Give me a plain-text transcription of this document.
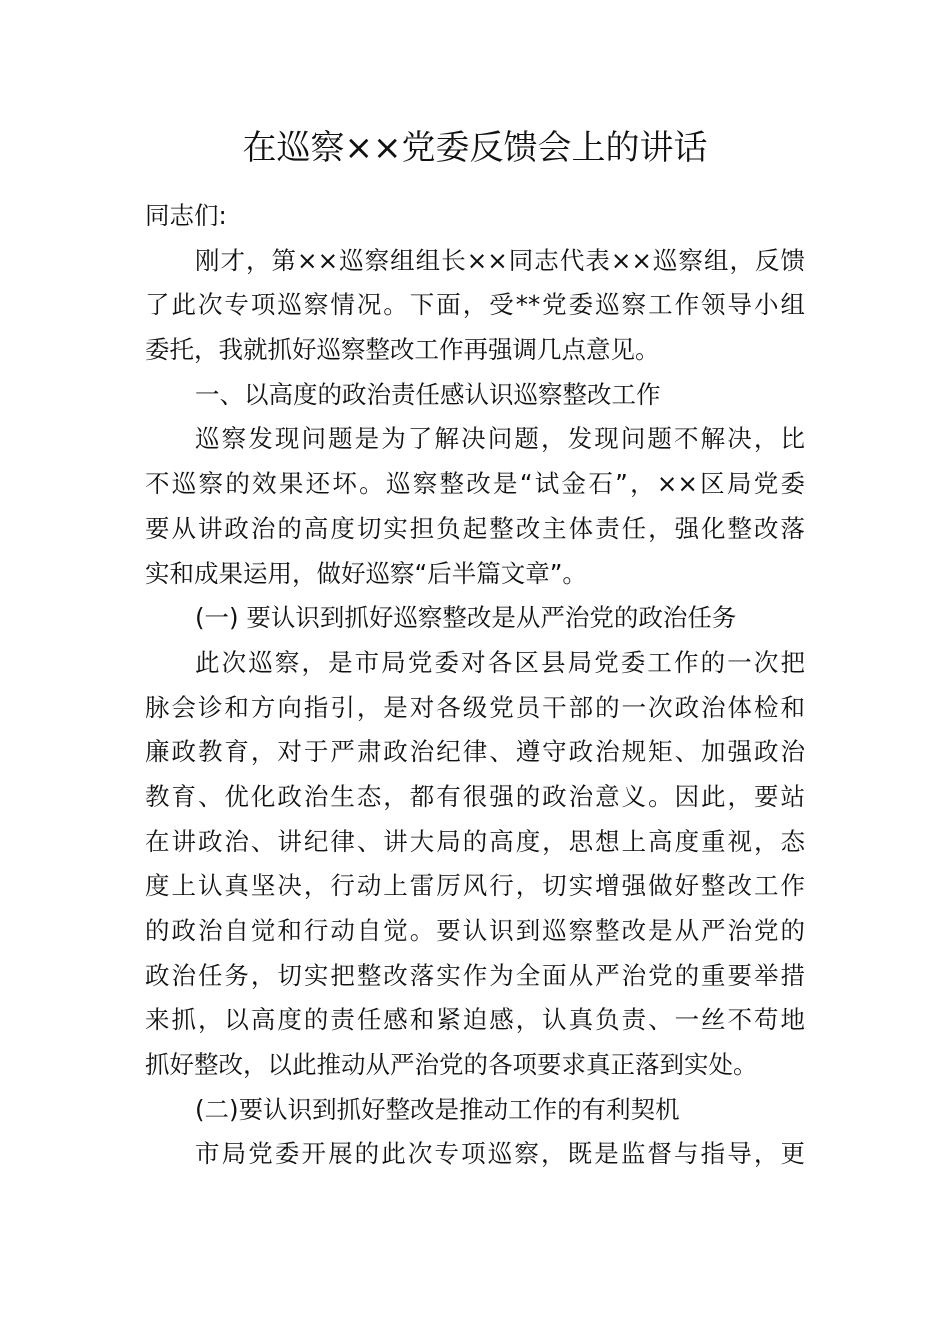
在巡察××党委反馈会上的讲话
同志们:
刚才，第××巡察组组长××同志代表××巡察组，反馈
了此次专项巡察情况。下面，受**党委巡察工作领导小组
委托，我就抓好巡察整改工作再强调几点意见。
一、以高度的政治责任感认识巡察整改工作
巡察发现问题是为了解决问题，发现问题不解决，比
不巡察的效果还坏。巡察整改是“试金石”，××区局党委
要从讲政治的高度切实担负起整改主体责任，强化整改落
实和成果运用，做好巡察“后半篇文章”。
(一) 要认识到抓好巡察整改是从严治党的政治任务
此次巡察，是市局党委对各区县局党委工作的一次把
脉会诊和方向指引，是对各级党员干部的一次政治体检和
廉政教育，对于严肃政治纪律、遵守政治规矩、加强政治
教育、优化政治生态，都有很强的政治意义。因此，要站
在讲政治、讲纪律、讲大局的高度，思想上高度重视，态
度上认真坚决，行动上雷厉风行，切实增强做好整改工作
的政治自觉和行动自觉。要认识到巡察整改是从严治党的
政治任务，切实把整改落实作为全面从严治党的重要举措
来抓，以高度的责任感和紧迫感，认真负责、一丝不苟地
抓好整改，以此推动从严治党的各项要求真正落到实处。
(二)要认识到抓好整改是推动工作的有利契机
市局党委开展的此次专项巡察，既是监督与指导，更
